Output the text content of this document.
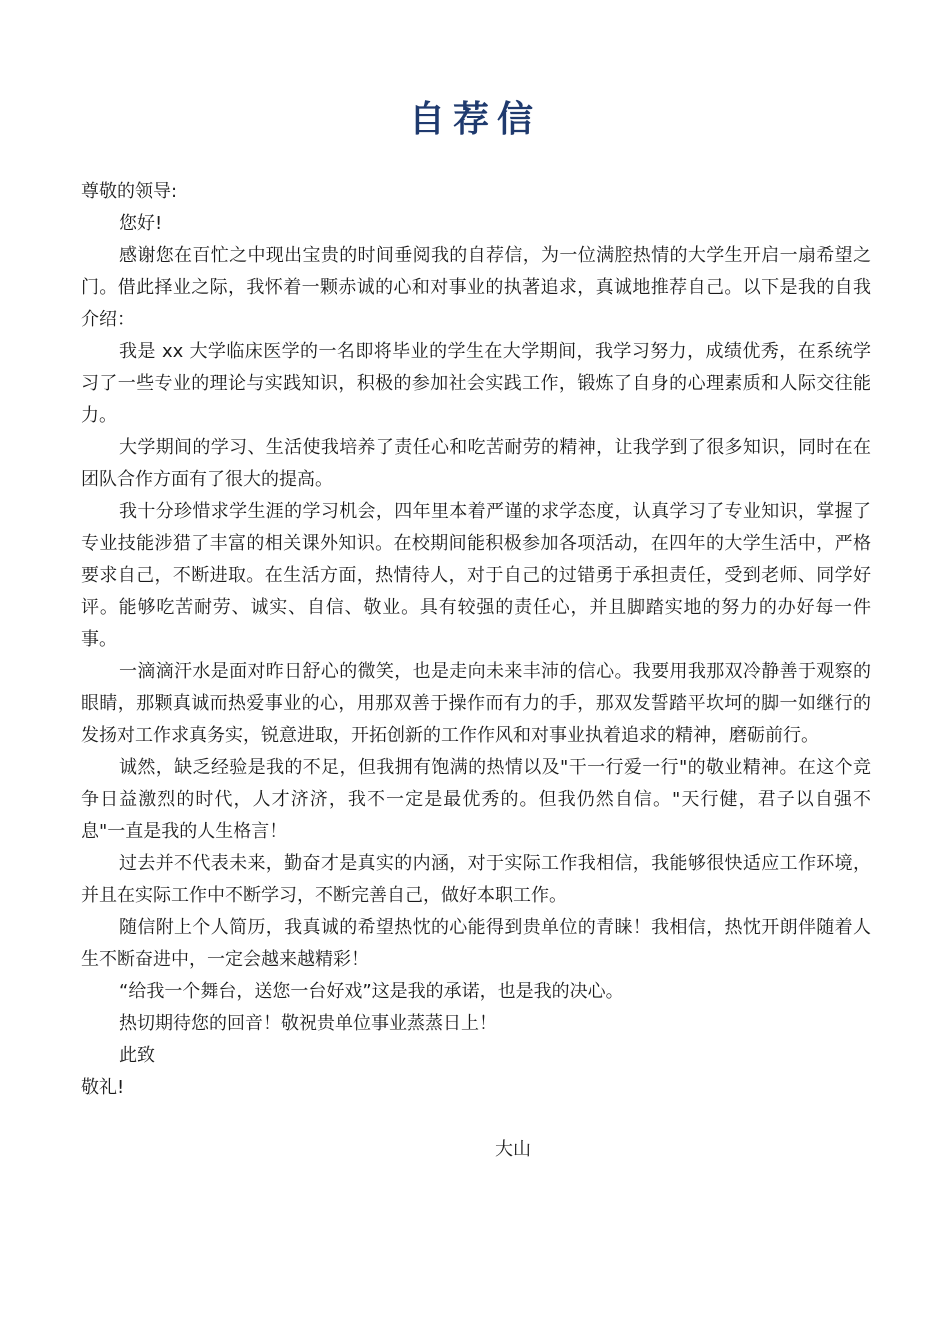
自荐信

尊敬的领导:

您好!

感谢您在百忙之中现出宝贵的时间垂阅我的自荐信，为一位满腔热情的大学生开启一扇希望之门。借此择业之际，我怀着一颗赤诚的心和对事业的执著追求，真诚地推荐自己。以下是我的自我介绍：

我是 xx 大学临床医学的一名即将毕业的学生在大学期间，我学习努力，成绩优秀，在系统学习了一些专业的理论与实践知识，积极的参加社会实践工作，锻炼了自身的心理素质和人际交往能力。

大学期间的学习、生活使我培养了责任心和吃苦耐劳的精神，让我学到了很多知识，同时在在团队合作方面有了很大的提高。

我十分珍惜求学生涯的学习机会，四年里本着严谨的求学态度，认真学习了专业知识，掌握了专业技能涉猎了丰富的相关课外知识。在校期间能积极参加各项活动，在四年的大学生活中，严格要求自己，不断进取。在生活方面，热情待人，对于自己的过错勇于承担责任，受到老师、同学好评。能够吃苦耐劳、诚实、自信、敬业。具有较强的责任心，并且脚踏实地的努力的办好每一件事。

一滴滴汗水是面对昨日舒心的微笑，也是走向未来丰沛的信心。我要用我那双冷静善于观察的眼睛，那颗真诚而热爱事业的心，用那双善于操作而有力的手，那双发誓踏平坎坷的脚一如继行的发扬对工作求真务实，锐意进取，开拓创新的工作作风和对事业执着追求的精神，磨砺前行。

诚然，缺乏经验是我的不足，但我拥有饱满的热情以及"干一行爱一行"的敬业精神。在这个竞争日益激烈的时代，人才济济，我不一定是最优秀的。但我仍然自信。"天行健，君子以自强不息"一直是我的人生格言！

过去并不代表未来，勤奋才是真实的内涵，对于实际工作我相信，我能够很快适应工作环境，并且在实际工作中不断学习，不断完善自己，做好本职工作。

随信附上个人简历，我真诚的希望热忱的心能得到贵单位的青睐！我相信，热忱开朗伴随着人生不断奋进中，一定会越来越精彩！

“给我一个舞台，送您一台好戏”这是我的承诺，也是我的决心。

热切期待您的回音！敬祝贵单位事业蒸蒸日上！

此致

敬礼!

大山
